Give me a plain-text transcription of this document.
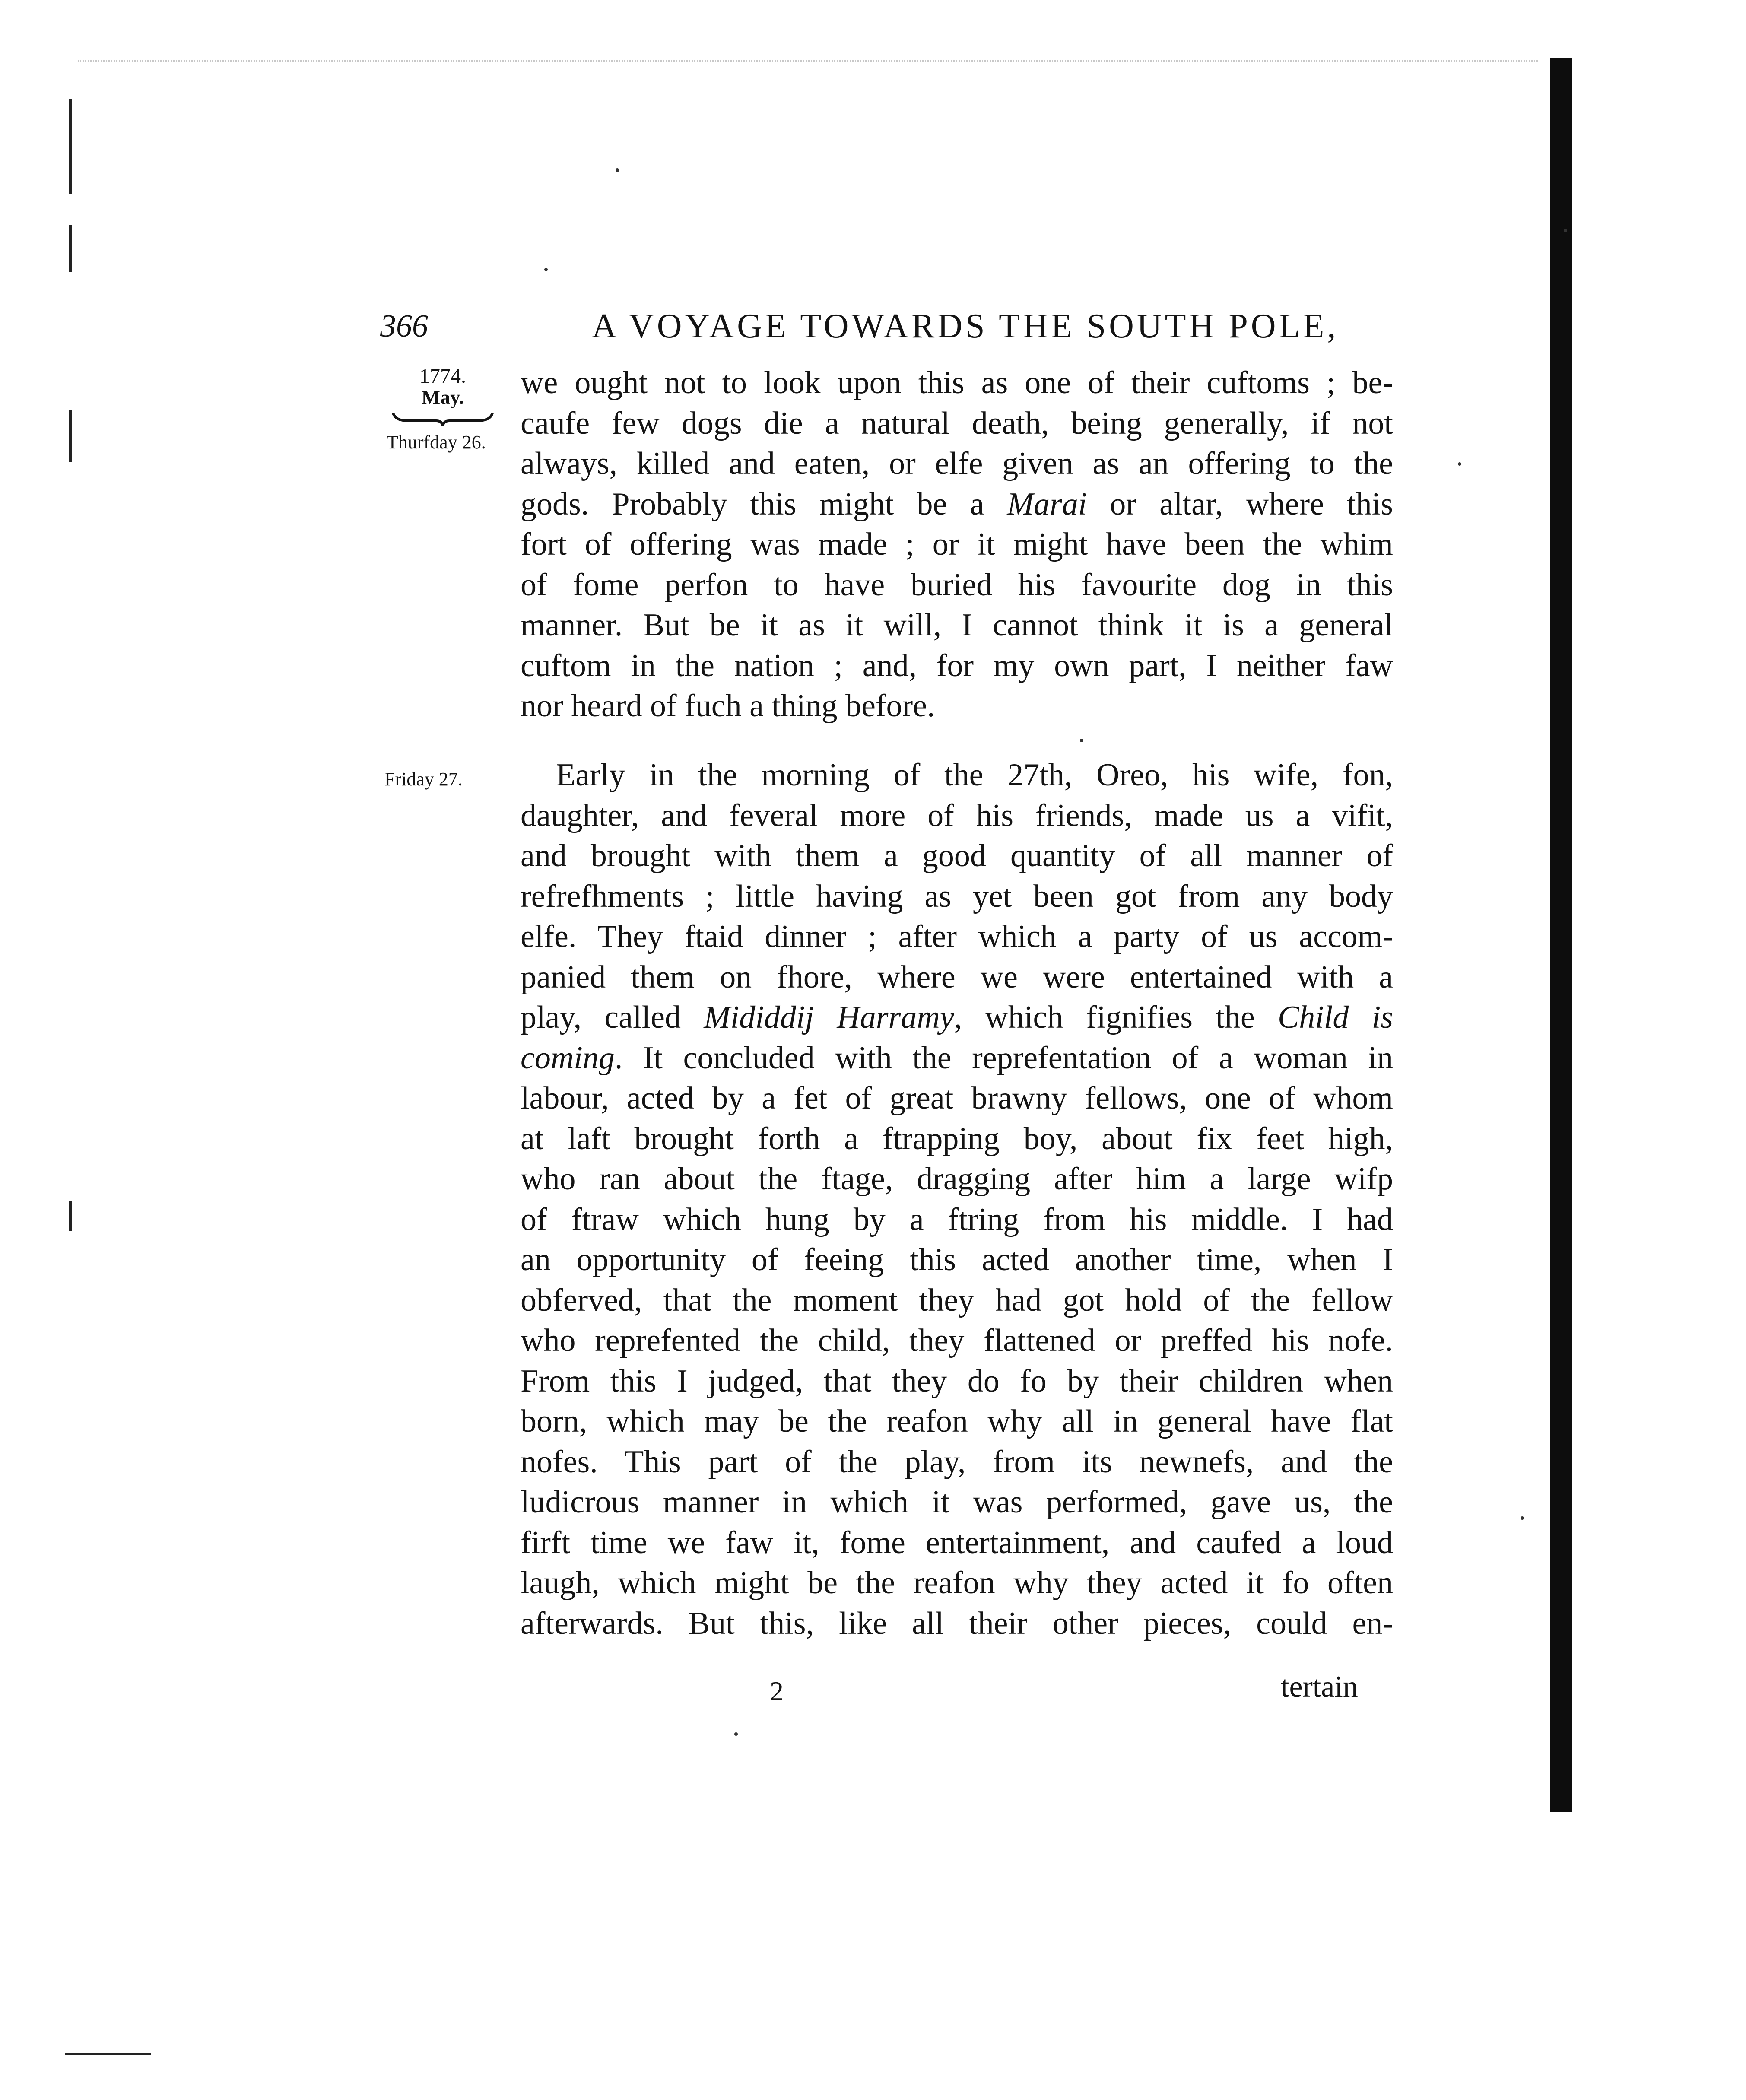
366	A VOYAGE TOWARDS THE SOUTH POLE,
1774.
May.
Thurfday 26.
Friday 27.
we ought not to look upon this as one of their cuftoms ; be-
caufe few dogs die a natural death, being generally, if not
always, killed and eaten, or elfe given as an offering to the
gods. Probably this might be a Marai or altar, where this
fort of offering was made ; or it might have been the whim
of fome perfon to have buried his favourite dog in this
manner. But be it as it will, I cannot think it is a general
cuftom in the nation ; and, for my own part, I neither faw
nor heard of fuch a thing before.
Early in the morning of the 27th, Oreo, his wife, fon,
daughter, and feveral more of his friends, made us a vifit,
and brought with them a good quantity of all manner of
refrefhments ; little having as yet been got from any body
elfe. They ftaid dinner ; after which a party of us accom-
panied them on fhore, where we were entertained with a
play, called Mididdij Harramy, which fignifies the Child is
coming. It concluded with the reprefentation of a woman in
labour, acted by a fet of great brawny fellows, one of whom
at laft brought forth a ftrapping boy, about fix feet high,
who ran about the ftage, dragging after him a large wifp
of ftraw which hung by a ftring from his middle. I had
an opportunity of feeing this acted another time, when I
obferved, that the moment they had got hold of the fellow
who reprefented the child, they flattened or preffed his nofe.
From this I judged, that they do fo by their children when
born, which may be the reafon why all in general have flat
nofes. This part of the play, from its newnefs, and the
ludicrous manner in which it was performed, gave us, the
firft time we faw it, fome entertainment, and caufed a loud
laugh, which might be the reafon why they acted it fo often
afterwards. But this, like all their other pieces, could en-
2	tertain
